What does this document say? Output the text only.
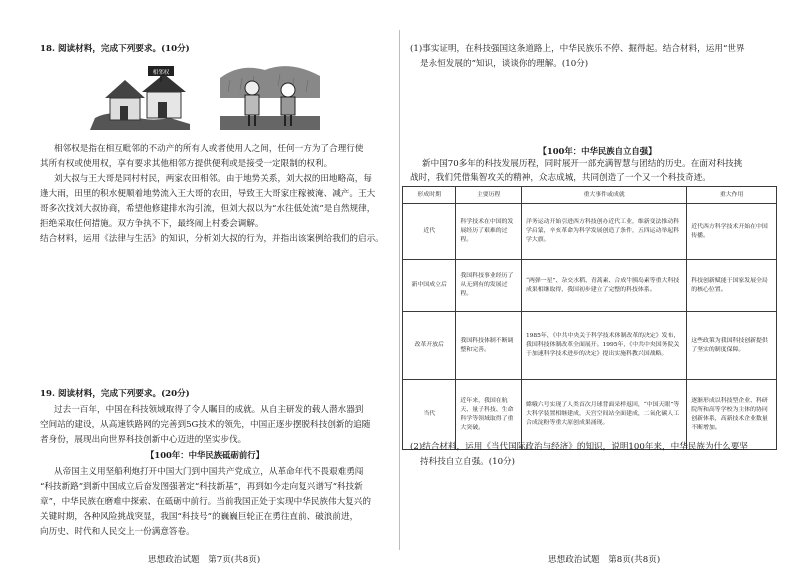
18. 阅读材料，完成下列要求。(10分)
相邻权
相邻权是指在相互毗邻的不动产的所有人或者使用人之间，任何一方为了合理行使
其所有权或使用权，享有要求其他相邻方提供便利或是接受一定限制的权利。
刘大叔与王大哥是同村村民，两家农田相邻。由于地势关系，刘大叔的田地略高，每
逢大雨，田里的积水便顺着地势流入王大哥的农田，导致王大哥家庄稼被淹、减产。王大
哥多次找刘大叔协商，希望他修建排水沟引流，但刘大叔以为“水往低处流”是自然规律，
拒绝采取任何措施。双方争执不下，最终闹上村委会调解。
结合材料，运用《法律与生活》的知识，分析刘大叔的行为，并指出该案例给我们的启示。
19. 阅读材料，完成下列要求。(20分)
过去一百年，中国在科技领域取得了令人瞩目的成就。从自主研发的载人潜水器到
空间站的建设，从高速铁路网的完善到5G技术的领先，中国正逐步摆脱科技创新的追随
者身份，展现出向世界科技创新中心迈进的坚实步伐。
【100年：中华民族砥砺前行】
从帝国主义用坚船利炮打开中国大门到中国共产党成立，从革命年代不畏艰难勇闯
“科技新路”到新中国成立后奋发图强著定“科技新基”，再到如今走向复兴谱写“科技新
章”，中华民族在磨难中探索、在砥砺中前行。当前我国正处于实现中华民族伟大复兴的
关键时期，各种风险挑战突显，我国“科技号”的巍巍巨轮正在勇往直前、破浪前进，
向历史、时代和人民交上一份满意答卷。
思想政治试题　第7页(共8页)
(1)事实证明，在科技强国这条道路上，中华民族乐不停、掘得起。结合材料，运用“世界
是永恒发展的”知识，谈谈你的理解。(10分)
【100年：中华民族自立自强】
新中国70多年的科技发展历程，同时展开一部充满智慧与团结的历史。在面对科技挑
战时，我们凭借集智攻关的精神，众志成城，共同创造了一个又一个科技奇迹。
形成时期	主要历程	重大事件或成就	重大作用
近代	科学技术在中国的发展经历了艰难的过程。	洋务运动开始引进西方科技创办近代工业，维新变法推动科学启蒙，辛亥革命为科学发展创造了条件，五四运动举起科学大旗。	近代西方科学技术开始在中国传播。
新中国成立后	我国科技事业经历了从无到有的发展过程。	“两弹一星”、杂交水稻、青蒿素、合成牛胰岛素等重大科技成果相继取得，我国初步建立了完整的科技体系。	科技创新赋能于国家发展全局的核心位置。
改革开放后	我国科技体制不断调整和完善。	1985年，《中共中央关于科学技术体制改革的决定》发布，我国科技体制改革全面展开。1995年，《中共中央国务院关于加速科学技术进步的决定》提出实施科教兴国战略。	这些政策为我国科技创新提供了坚实的制度保障。
当代	近年来，我国在航天、量子科技、生命科学等领域取得了重大突破。	嫦娥六号实现了人类首次月球背面采样返回，“中国天眼”等大科学装置相继建成，天宫空间站全面建成，二氧化碳人工合成淀粉等重大原创成果涌现。	逐渐形成以科技型企业、科研院所和高等学校为主体的协同创新体系，高新技术企业数量不断增加。
(2)结合材料，运用《当代国际政治与经济》的知识，说明100年来，中华民族为什么要坚
持科技自立自强。(10分)
思想政治试题　第8页(共8页)
